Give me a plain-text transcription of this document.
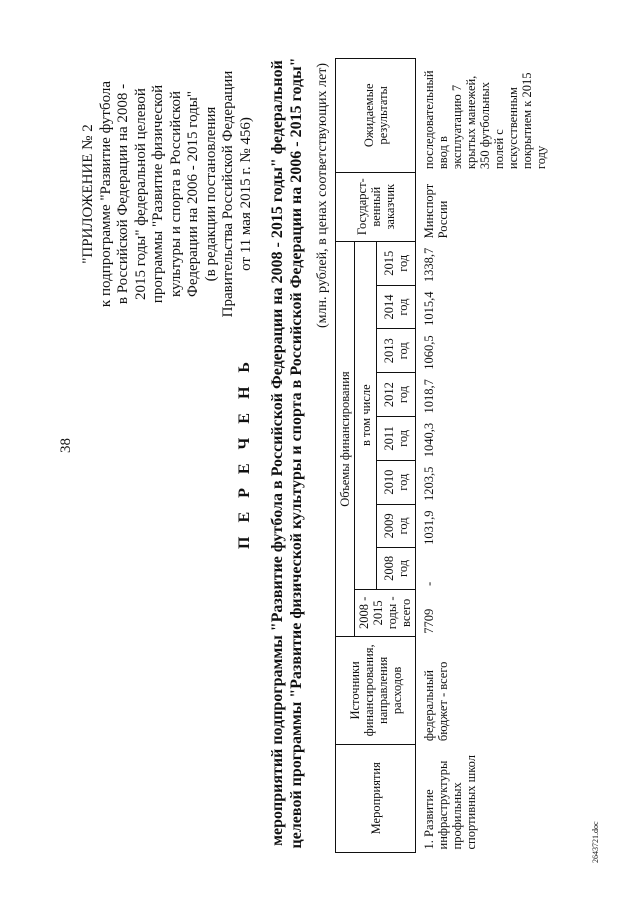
38
"ПРИЛОЖЕНИЕ № 2 к подпрограмме "Развитие футбола в Российской Федерации на 2008 - 2015 годы" федеральной целевой программы "Развитие физической культуры и спорта в Российской Федерации на 2006 - 2015 годы" (в редакции постановления Правительства Российской Федерации от 11 мая 2015 г. № 456)
П Е Р Е Ч Е Н Ь мероприятий подпрограммы "Развитие футбола в Российской Федерации на 2008 - 2015 годы" федеральной целевой программы "Развитие физической культуры и спорта в Российской Федерации на 2006 - 2015 годы" (млн. рублей, в ценах соответствующих лет)
Мероприятия	Источники финансирования, направления расходов	Объемы финансирования									Государст-венный заказчик	Ожидаемые результаты
		2008 - 2015 годы - всего	в том числе									
			2008 год	2009 год	2010 год	2011 год	2012 год	2013 год	2014 год	2015 год		
1. Развитие инфраструктуры профильных спортивных школ	федеральный бюджет - всего	7709	-	1031,9	1203,5	1040,3	1018,7	1060,5	1015,4	1338,7	Минспорт России	последовательный ввод в эксплуатацию 7 крытых манежей, 350 футбольных полей с искусственным покрытием к 2015 году
2643721.doc
